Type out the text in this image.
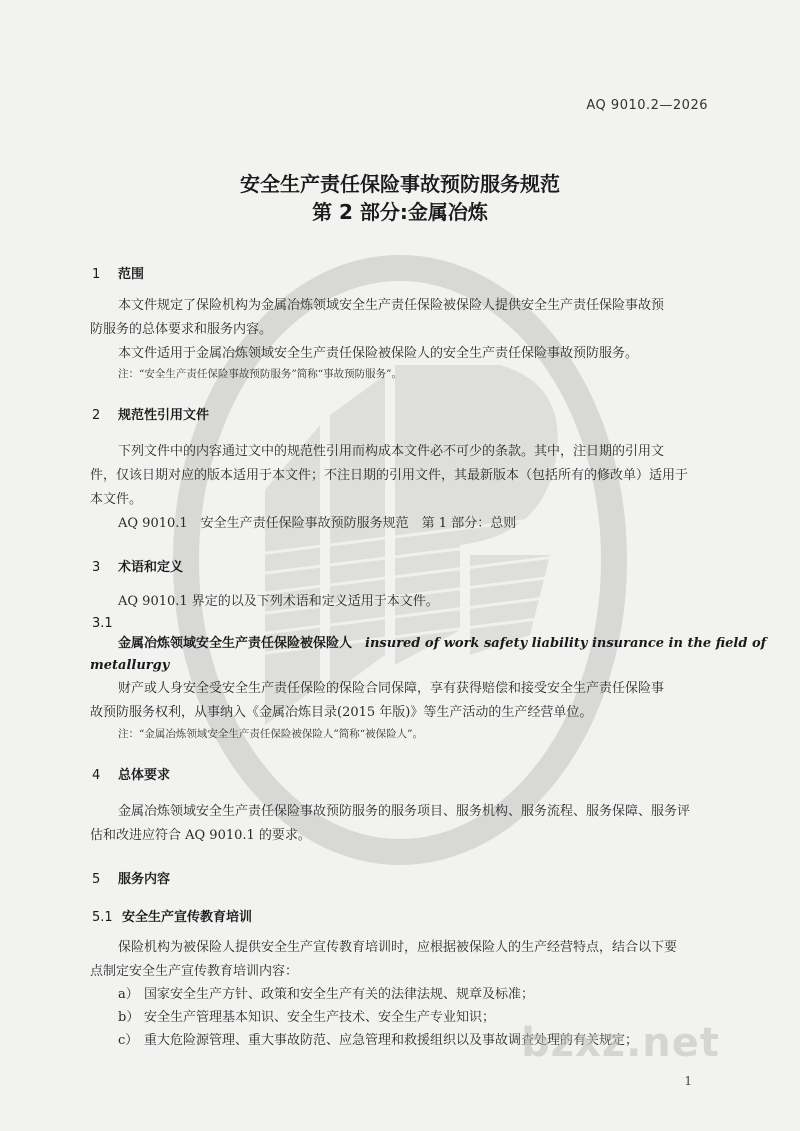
AQ 9010.2—2026
安全生产责任保险事故预防服务规范
第 2 部分:金属冶炼
1 范围
本文件规定了保险机构为金属冶炼领域安全生产责任保险被保险人提供安全生产责任保险事故预
防服务的总体要求和服务内容。
本文件适用于金属冶炼领域安全生产责任保险被保险人的安全生产责任保险事故预防服务。
注：“安全生产责任保险事故预防服务”简称“事故预防服务”。
2 规范性引用文件
下列文件中的内容通过文中的规范性引用而构成本文件必不可少的条款。其中，注日期的引用文
件，仅该日期对应的版本适用于本文件；不注日期的引用文件，其最新版本（包括所有的修改单）适用于
本文件。
AQ 9010.1　安全生产责任保险事故预防服务规范　第 1 部分：总则
3 术语和定义
AQ 9010.1 界定的以及下列术语和定义适用于本文件。
3.1
金属冶炼领域安全生产责任保险被保险人　 insured of work safety liability insurance in the field of
metallurgy
财产或人身安全受安全生产责任保险的保险合同保障，享有获得赔偿和接受安全生产责任保险事
故预防服务权利，从事纳入《金属冶炼目录(2015 年版)》等生产活动的生产经营单位。
注：“金属冶炼领域安全生产责任保险被保险人”简称“被保险人”。
4 总体要求
金属冶炼领域安全生产责任保险事故预防服务的服务项目、服务机构、服务流程、服务保障、服务评
估和改进应符合 AQ 9010.1 的要求。
5 服务内容
5.1 安全生产宣传教育培训
保险机构为被保险人提供安全生产宣传教育培训时，应根据被保险人的生产经营特点，结合以下要
点制定安全生产宣传教育培训内容：
a） 国家安全生产方针、政策和安全生产有关的法律法规、规章及标准；
b） 安全生产管理基本知识、安全生产技术、安全生产专业知识；
c） 重大危险源管理、重大事故防范、应急管理和救援组织以及事故调查处理的有关规定；
bzxz.net
1
